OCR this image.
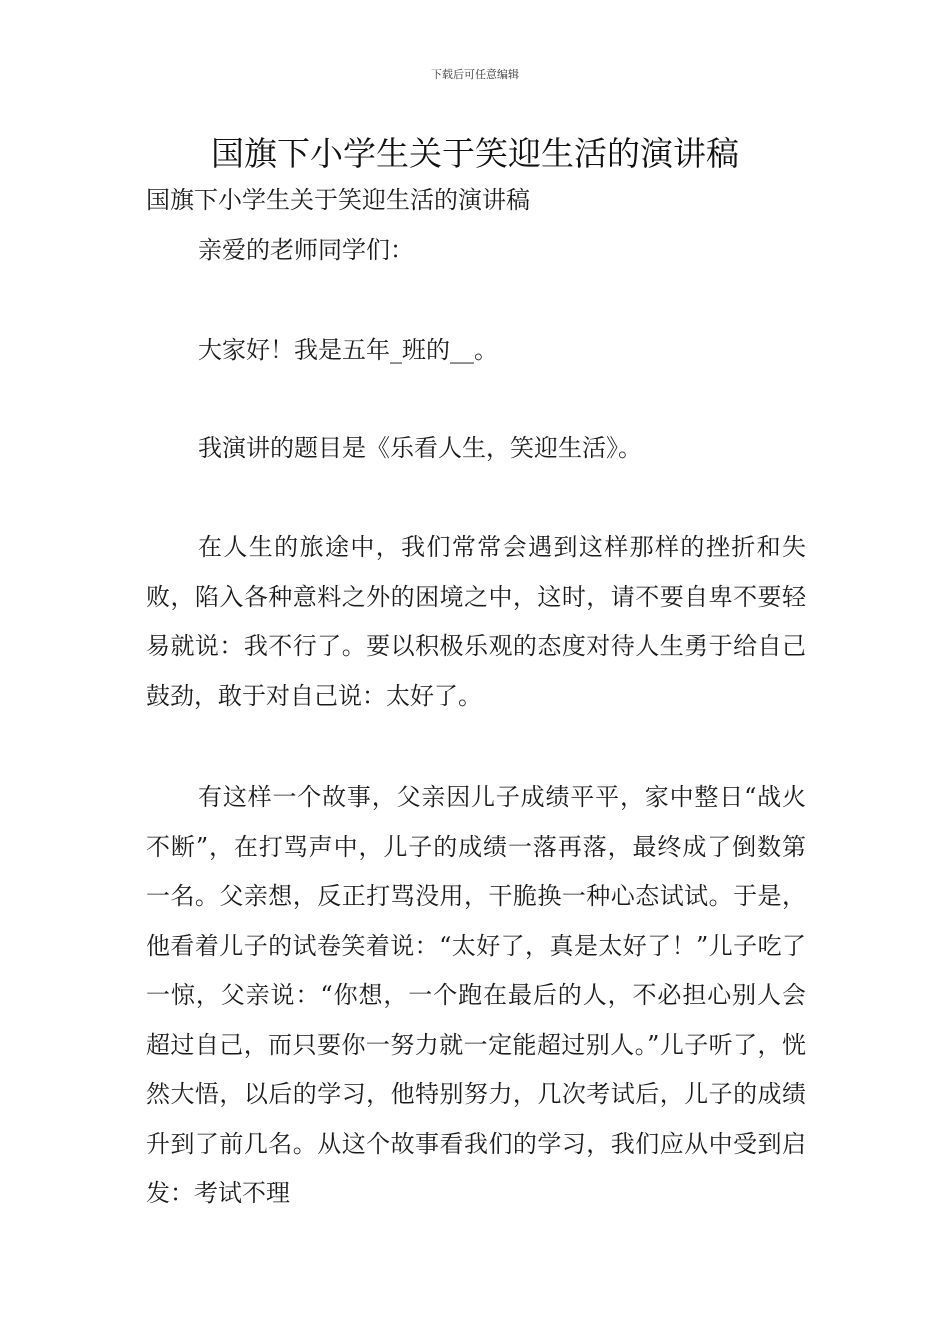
下载后可任意编辑
国旗下小学生关于笑迎生活的演讲稿

国旗下小学生关于笑迎生活的演讲稿

亲爱的老师同学们：

大家好！我是五年_班的__。

我演讲的题目是《乐看人生，笑迎生活》。

在人生的旅途中，我们常常会遇到这样那样的挫折和失败，陷入各种意料之外的困境之中，这时，请不要自卑不要轻易就说：我不行了。要以积极乐观的态度对待人生勇于给自己鼓劲，敢于对自己说：太好了。

有这样一个故事，父亲因儿子成绩平平，家中整日“战火不断”，在打骂声中，儿子的成绩一落再落，最终成了倒数第一名。父亲想，反正打骂没用，干脆换一种心态试试。于是，他看着儿子的试卷笑着说：“太好了，真是太好了！”儿子吃了一惊，父亲说：“你想，一个跑在最后的人，不必担心别人会超过自己，而只要你一努力就一定能超过别人。”儿子听了，恍然大悟，以后的学习，他特别努力，几次考试后，儿子的成绩升到了前几名。从这个故事看我们的学习，我们应从中受到启发：考试不理
